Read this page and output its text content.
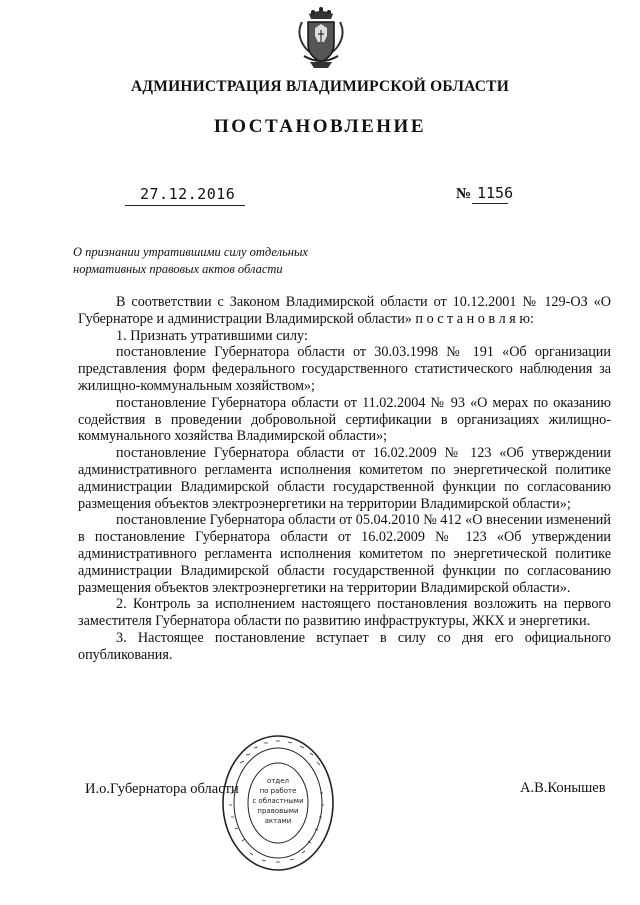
АДМИНИСТРАЦИЯ ВЛАДИМИРСКОЙ ОБЛАСТИ
ПОСТАНОВЛЕНИЕ
27.12.2016	№ 1156
О признании утратившими силу отдельных нормативных правовых актов области

В соответствии с Законом Владимирской области от 10.12.2001 № 129-ОЗ «О Губернаторе и администрации Владимирской области» п о с т а н о в л я ю:

1. Признать утратившими силу:

постановление Губернатора области от 30.03.1998 № 191 «Об организации представления форм федерального государственного статистического наблюдения за жилищно-коммунальным хозяйством»;

постановление Губернатора области от 11.02.2004 № 93 «О мерах по оказанию содействия в проведении добровольной сертификации в организациях жилищно-коммунального хозяйства Владимирской области»;

постановление Губернатора области от 16.02.2009 № 123 «Об утверждении административного регламента исполнения комитетом по энергетической политике администрации Владимирской области государственной функции по согласованию размещения объектов электроэнергетики на территории Владимирской области»;

постановление Губернатора области от 05.04.2010 № 412 «О внесении изменений в постановление Губернатора области от 16.02.2009 № 123 «Об утверждении административного регламента исполнения комитетом по энергетической политике администрации Владимирской области государственной функции по согласованию размещения объектов электроэнергетики на территории Владимирской области».

2. Контроль за исполнением настоящего постановления возложить на первого заместителя Губернатора области по развитию инфраструктуры, ЖКХ и энергетики.

3. Настоящее постановление вступает в силу со дня его официального опубликования.

И.о.Губернатора области	А.В.Конышев
отдел
по работе
с областными
правовыми
актами
